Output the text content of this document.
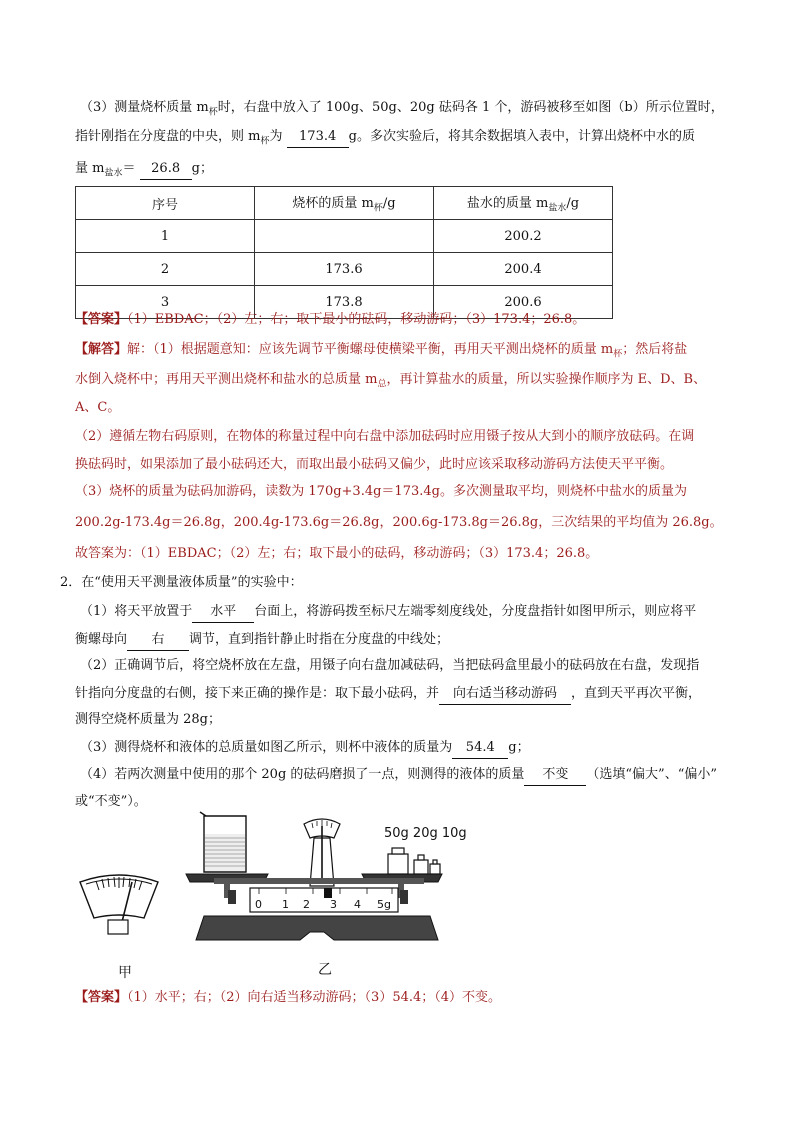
（3）测量烧杯质量 $m_杯$时，右盘中放入了 100g、50g、20g 砝码各 1 个，游码被移至如图（b）所示位置时，
指针刚指在分度盘的中央，则 $m_杯$为 173.4 g。多次实验后，将其余数据填入表中，计算出烧杯中水的质
量 $m_{盐水}= 26.8$ g；
序号	烧杯的质量 $m_杯/g$	盐水的质量 $m_{盐水}/g$
1		200.2
2	173.6	200.4
3	173.8	200.6
【答案】（1）EBDAC；（2）左；右；取下最小的砝码，移动游码；（3）173.4；26.8。
【解答】解：（1）根据题意知：应该先调节平衡螺母使横梁平衡，再用天平测出烧杯的质量 $m_杯$；然后将盐
水倒入烧杯中；再用天平测出烧杯和盐水的总质量 $m_总$，再计算盐水的质量，所以实验操作顺序为 E、D、B、
A、C。
（2）遵循左物右码原则，在物体的称量过程中向右盘中添加砝码时应用镊子按从大到小的顺序放砝码。在调
换砝码时，如果添加了最小砝码还大，而取出最小砝码又偏少，此时应该采取移动游码方法使天平平衡。
（3）烧杯的质量为砝码加游码，读数为 170g+3.4g＝173.4g。多次测量取平均，则烧杯中盐水的质量为
200.2g-173.4g＝26.8g，200.4g-173.6g＝26.8g，200.6g-173.8g＝26.8g，三次结果的平均值为 26.8g。
故答案为：（1）EBDAC；（2）左；右；取下最小的砝码，移动游码；（3）173.4；26.8。
2．在“使用天平测量液体质量”的实验中：
（1）将天平放置于 水平 台面上，将游码拨至标尺左端零刻度线处，分度盘指针如图甲所示，则应将平
衡螺母向 右 调节，直到指针静止时指在分度盘的中线处；
（2）正确调节后，将空烧杯放在左盘，用镊子向右盘加减砝码，当把砝码盒里最小的砝码放在右盘，发现指
针指向分度盘的右侧，接下来正确的操作是：取下最小砝码，并 向右适当移动游码 ，直到天平再次平衡，
测得空烧杯质量为 28g；
（3）测得烧杯和液体的总质量如图乙所示，则杯中液体的质量为 54.4 g；
（4）若两次测量中使用的那个 20g 的砝码磨损了一点，则测得的液体的质量 不变 （选填“偏大”、“偏小”
或“不变”）。
甲
0 1 2 3 4 5g
50g 20g 10g
乙
【答案】（1）水平；右；（2）向右适当移动游码；（3）54.4；（4）不变。
